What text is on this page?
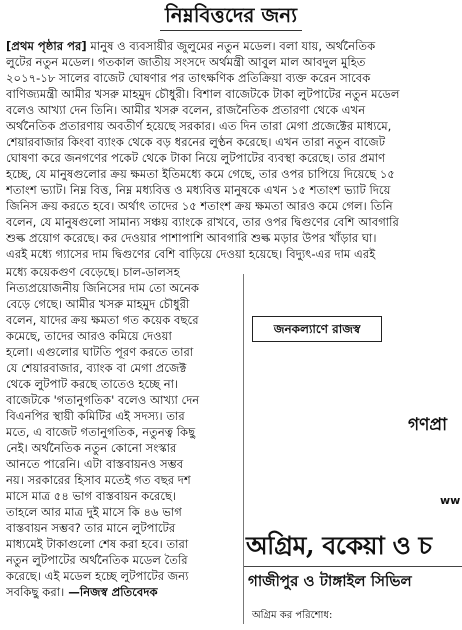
নিম্নবিত্তদের জন্য
[প্রথম পৃষ্ঠার পর] মানুষ ও ব্যবসায়ীর জুলুমের নতুন মডেল। বলা যায়, অর্থনৈতিক
লুটের নতুন মডেল। গতকাল জাতীয় সংসদে অর্থমন্ত্রী আবুল মাল আবদুল মুহিত
২০১৭-১৮ সালের বাজেট ঘোষণার পর তাৎক্ষণিক প্রতিক্রিয়া ব্যক্ত করেন সাবেক
বাণিজ্যমন্ত্রী আমীর খসরু মাহমুদ চৌধুরী। বিশাল বাজেটকে টাকা লুটপাটের নতুন মডেল
বলেও আখ্যা দেন তিনি। আমীর খসরু বলেন, রাজনৈতিক প্রতারণা থেকে এখন
অর্থনৈতিক প্রতারণায় অবতীর্ণ হয়েছে সরকার। এত দিন তারা মেগা প্রজেক্টের মাধ্যমে,
শেয়ারবাজার কিংবা ব্যাংক থেকে বড় ধরনের লুণ্ঠন করেছে। এখন তারা নতুন বাজেট
ঘোষণা করে জনগণের পকেট থেকে টাকা নিয়ে লুটপাটের ব্যবস্থা করেছে। তার প্রমাণ
হচ্ছে, যে মানুষগুলোর ক্রয় ক্ষমতা ইতিমধ্যে কমে গেছে, তার ওপর চাপিয়ে দিয়েছে ১৫
শতাংশ ভ্যাট। নিম্ন বিত্ত, নিম্ন মধ্যবিত্ত ও মধ্যবিত্ত মানুষকে এখন ১৫ শতাংশ ভ্যাট দিয়ে
জিনিস ক্রয় করতে হবে। অর্থাৎ তাদের ১৫ শতাংশ ক্রয় ক্ষমতা আরও কমে গেল। তিনি
বলেন, যে মানুষগুলো সামান্য সঞ্চয় ব্যাংকে রাখবে, তার ওপর দ্বিগুণের বেশি আবগারি
শুল্ক প্রয়োগ করেছে। কর দেওয়ার পাশাপাশি আবগারি শুল্ক মড়ার উপর খাঁড়ার ঘা।
এরই মধ্যে গ্যাসের দাম দ্বিগুণের বেশি বাড়িয়ে দেওয়া হয়েছে। বিদ্যুৎ-এর দাম এরই
মধ্যে কয়েকগুণ বেড়েছে। চাল-ডালসহ
নিত্যপ্রয়োজনীয় জিনিসের দাম তো অনেক
বেড়ে গেছে। আমীর খসরু মাহমুদ চৌধুরী
বলেন, যাদের ক্রয় ক্ষমতা গত কয়েক বছরে
কমেছে, তাদের আরও কমিয়ে দেওয়া
হলো। এগুলোর ঘাটতি পূরণ করতে তারা
যে শেয়ারবাজার, ব্যাংক বা মেগা প্রজেক্ট
থেকে লুটপাট করছে তাতেও হচ্ছে না।
বাজেটকে 'গতানুগতিক' বলেও আখ্যা দেন
বিএনপির স্থায়ী কমিটির এই সদস্য। তার
মতে, এ বাজেট গতানুগতিক, নতুনত্ব কিছু
নেই। অর্থনৈতিক নতুন কোনো সংস্কার
আনতে পারেনি। এটা বাস্তবায়নও সম্ভব
নয়। সরকারের হিসাব মতেই গত বছর দশ
মাসে মাত্র ৫৪ ভাগ বাস্তবায়ন করেছে।
তাহলে আর মাত্র দুই মাসে কি ৪৬ ভাগ
বাস্তবায়ন সম্ভব? তার মানে লুটপাটের
মাধ্যমেই টাকাগুলো শেষ করা হবে। তারা
নতুন লুটপাটের অর্থনৈতিক মডেল তৈরি
করেছে। এই মডেল হচ্ছে লুটপাটের জন্য
সবকিছু করা। —নিজস্ব প্রতিবেদক
জনকল্যাণে রাজস্ব
গণপ্রা
ww
অগ্রিম, বকেয়া ও চ
গাজীপুর ও টাঙ্গাইল সিভিল
অগ্রিম কর পরিশোধ:
